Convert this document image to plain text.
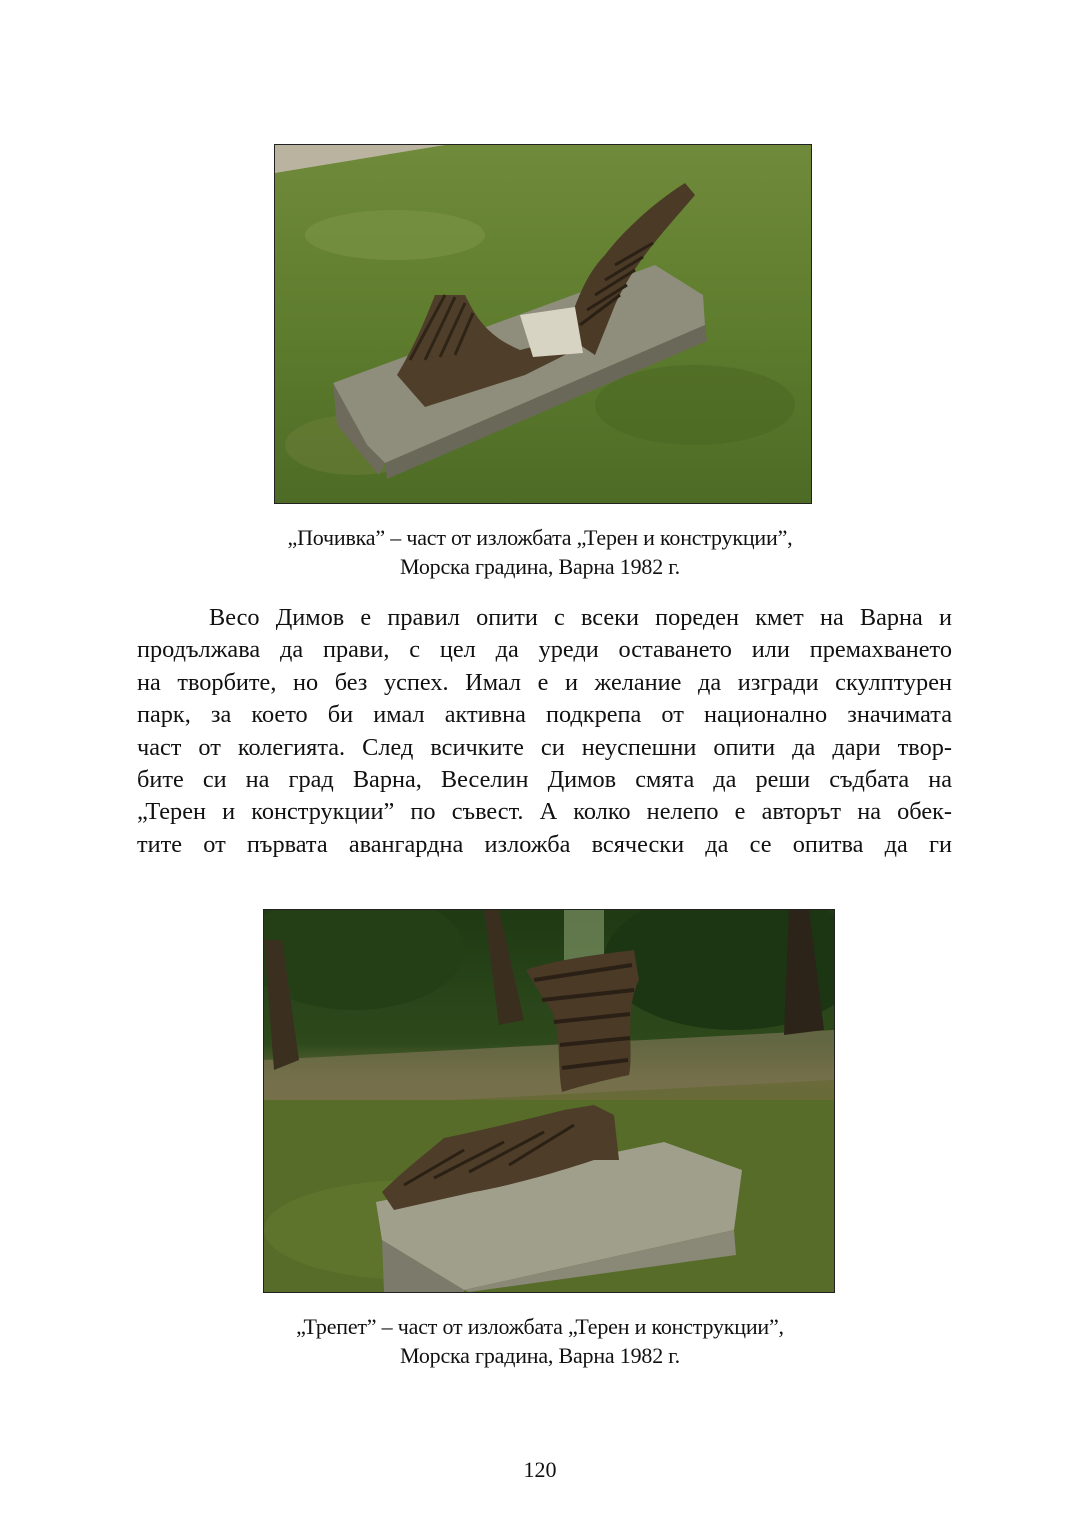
„Почивка” – част от изложбата „Терен и конструкции”,
Морска градина, Варна 1982 г.
Весо Димов е правил опити с всеки пореден кмет на Варна и
продължава да прави, с цел да уреди оставането или премахването
на творбите, но без успех. Имал е и желание да изгради скулптурен
парк, за което би имал активна подкрепа от национално значимата
част от колегията. След всичките си неуспешни опити да дари твор-
бите си на град Варна, Веселин Димов смята да реши съдбата на
„Терен и конструкции” по съвест. А колко нелепо е авторът на обек-
тите от първата авангардна изложба всячески да се опитва да ги
„Трепет” – част от изложбата „Терен и конструкции”,
Морска градина, Варна 1982 г.
120
